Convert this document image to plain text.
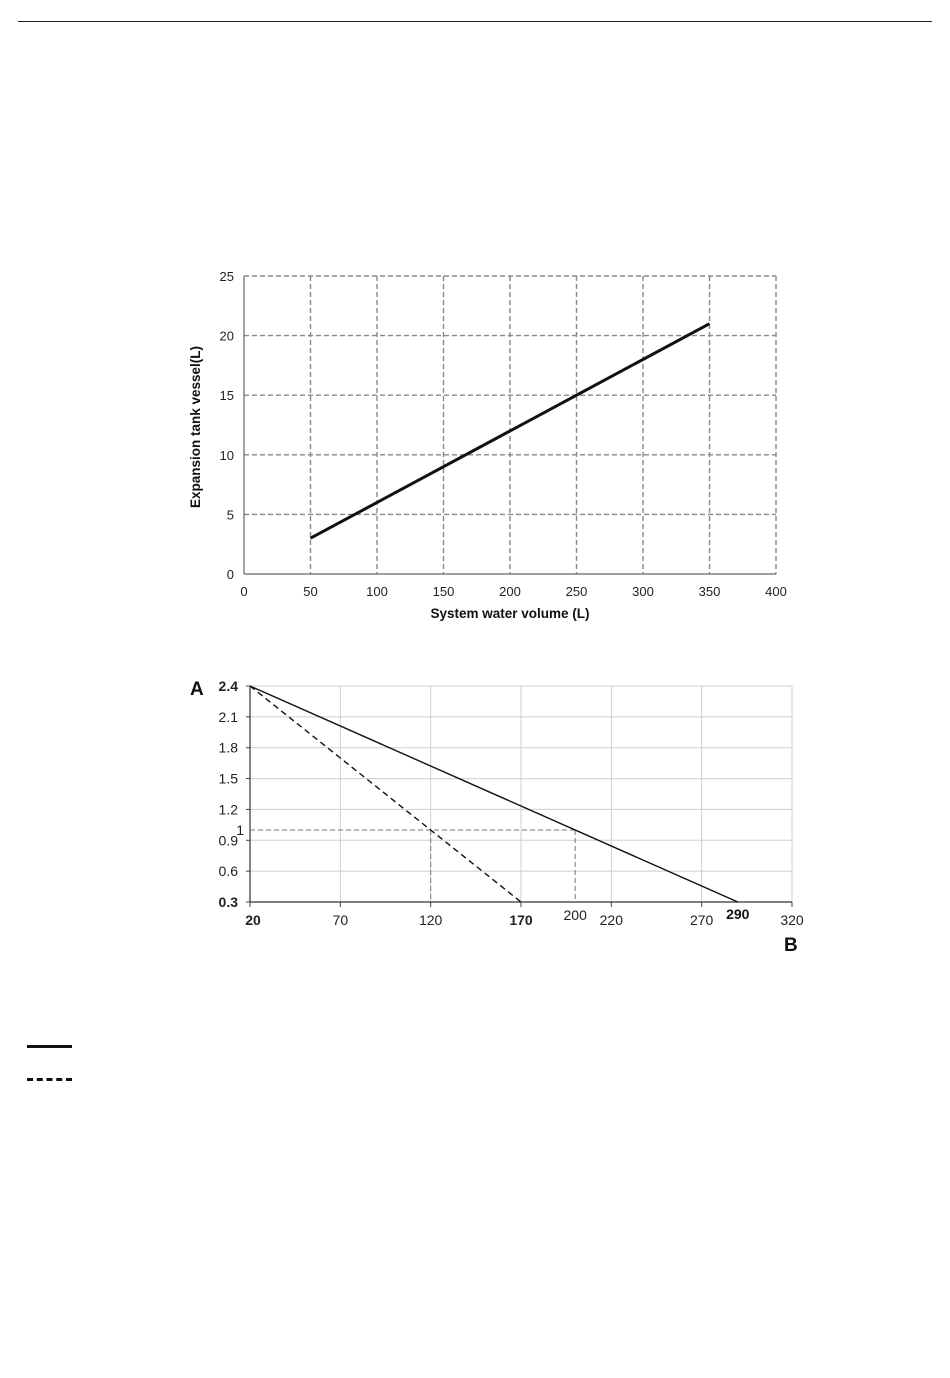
0	50	100	150	200	250	300	350	400
0
5
10
15
20
25
System water volume (L)
Expansion tank vessel(L)
20	70	120	170	220	270	320
0.3
0.6
0.9
1.2
1.5
1.8
2.1
2.4
1
200	290
A
B
